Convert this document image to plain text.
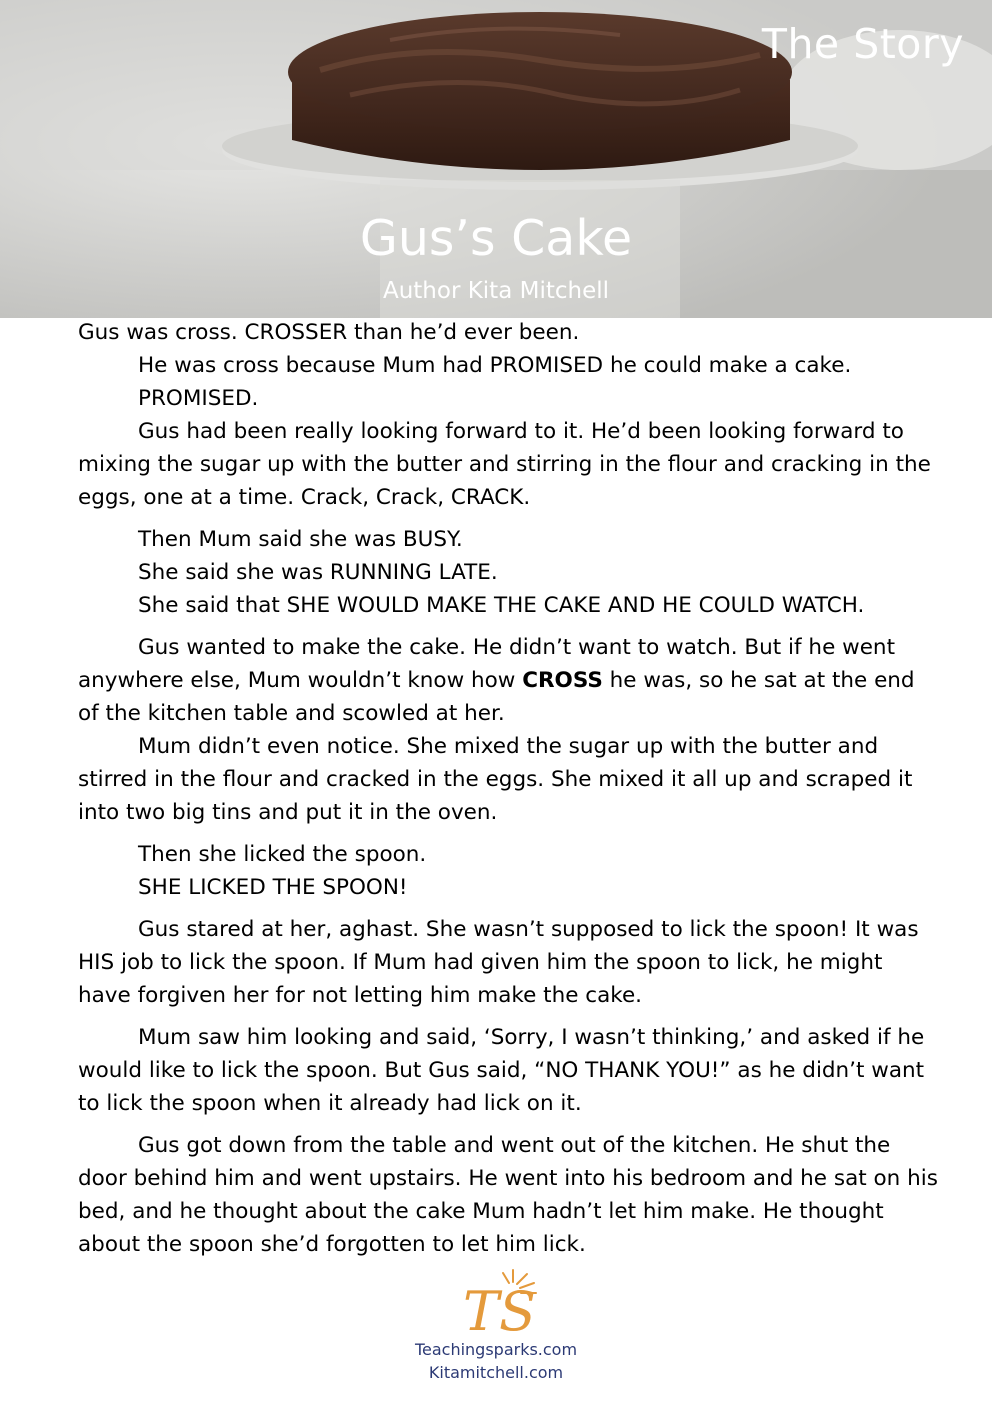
The Story
Gus’s Cake
Author Kita Mitchell

Gus was cross. CROSSER than he’d ever been.

He was cross because Mum had PROMISED he could make a cake.

PROMISED.

Gus had been really looking forward to it. He’d been looking forward to mixing the sugar up with the butter and stirring in the flour and cracking in the eggs, one at a time. Crack, Crack, CRACK.

Then Mum said she was BUSY.

She said she was RUNNING LATE.

She said that SHE WOULD MAKE THE CAKE AND HE COULD WATCH.

Gus wanted to make the cake. He didn’t want to watch. But if he went anywhere else, Mum wouldn’t know how CROSS he was, so he sat at the end of the kitchen table and scowled at her.

Mum didn’t even notice. She mixed the sugar up with the butter and stirred in the flour and cracked in the eggs. She mixed it all up and scraped it into two big tins and put it in the oven.

Then she licked the spoon.

SHE LICKED THE SPOON!

Gus stared at her, aghast. She wasn’t supposed to lick the spoon! It was HIS job to lick the spoon. If Mum had given him the spoon to lick, he might have forgiven her for not letting him make the cake.

Mum saw him looking and said, ‘Sorry, I wasn’t thinking,’ and asked if he would like to lick the spoon. But Gus said, “NO THANK YOU!” as he didn’t want to lick the spoon when it already had lick on it.

Gus got down from the table and went out of the kitchen. He shut the door behind him and went upstairs. He went into his bedroom and he sat on his bed, and he thought about the cake Mum hadn’t let him make. He thought about the spoon she’d forgotten to let him lick.

TS
Teachingsparks.com
Kitamitchell.com
